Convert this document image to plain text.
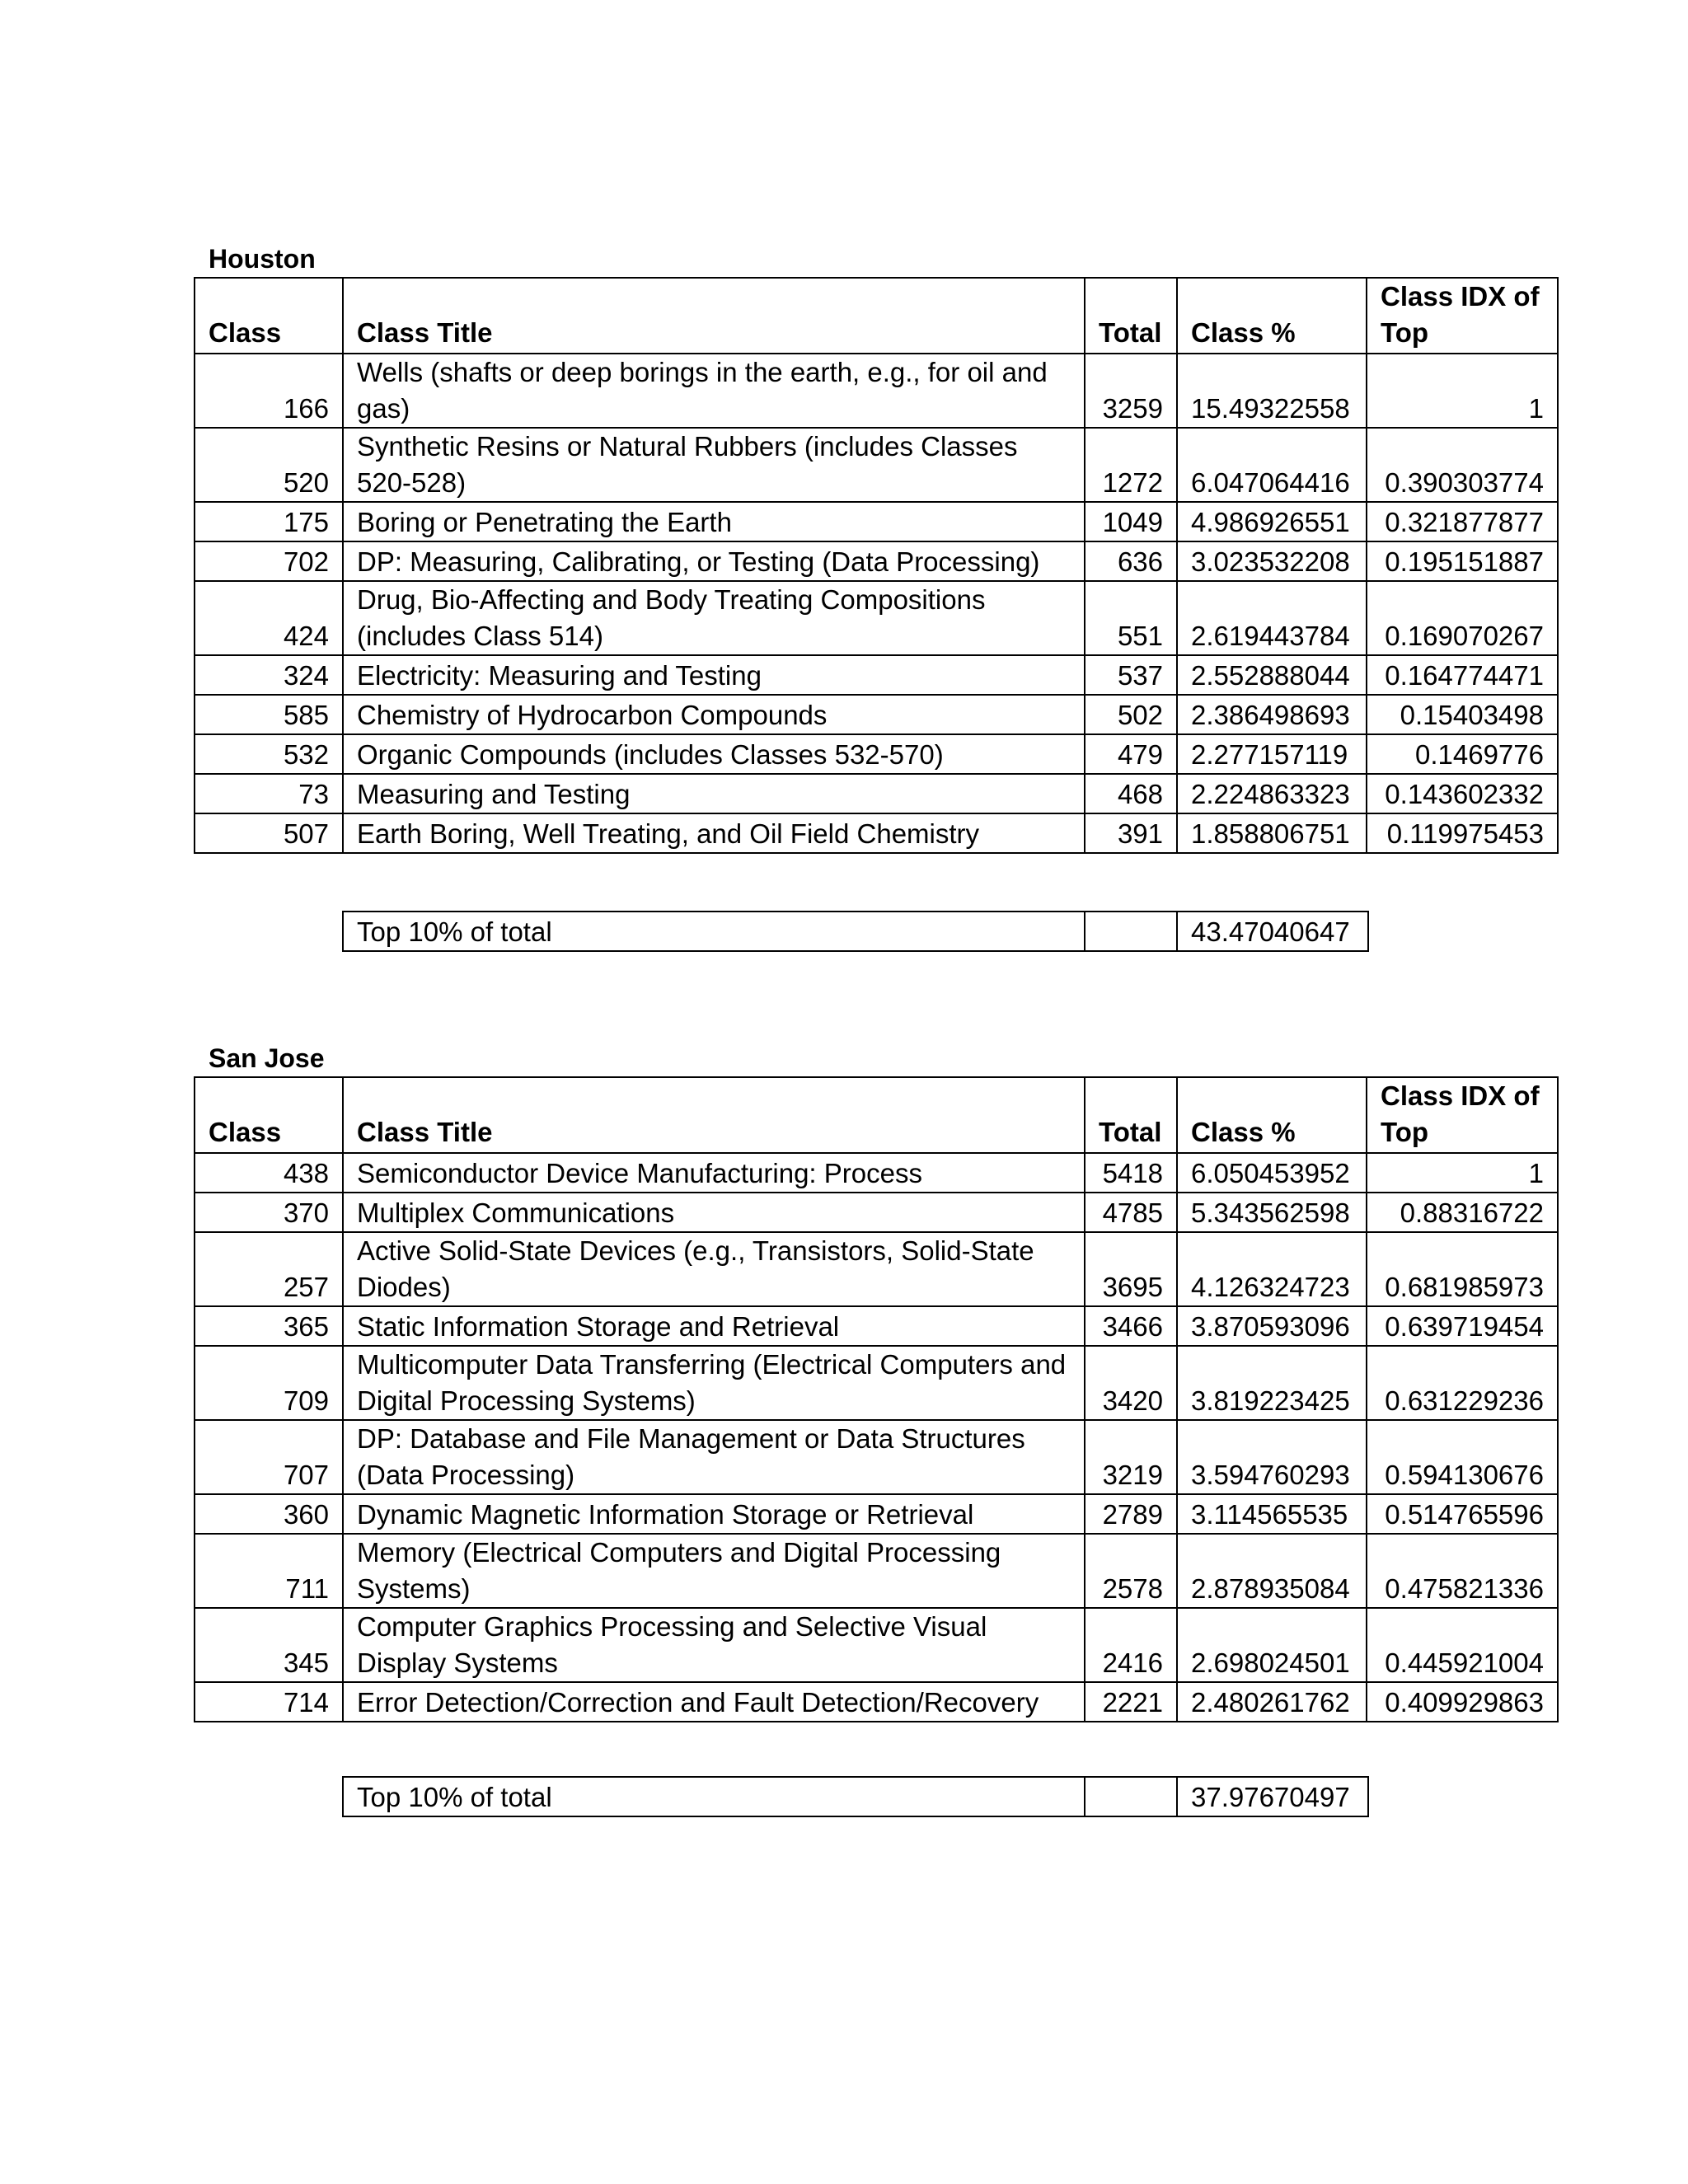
Houston
Class	Class Title	Total	Class %	Class IDX of Top
166	Wells (shafts or deep borings in the earth, e.g., for oil and gas)	3259	15.49322558	1
520	Synthetic Resins or Natural Rubbers (includes Classes 520-528)	1272	6.047064416	0.390303774
175	Boring or Penetrating the Earth	1049	4.986926551	0.321877877
702	DP: Measuring, Calibrating, or Testing (Data Processing)	636	3.023532208	0.195151887
424	Drug, Bio-Affecting and Body Treating Compositions (includes Class 514)	551	2.619443784	0.169070267
324	Electricity: Measuring and Testing	537	2.552888044	0.164774471
585	Chemistry of Hydrocarbon Compounds	502	2.386498693	0.15403498
532	Organic Compounds (includes Classes 532-570)	479	2.277157119	0.1469776
73	Measuring and Testing	468	2.224863323	0.143602332
507	Earth Boring, Well Treating, and Oil Field Chemistry	391	1.858806751	0.119975453
Top 10% of total		43.47040647
San Jose
Class	Class Title	Total	Class %	Class IDX of Top
438	Semiconductor Device Manufacturing: Process	5418	6.050453952	1
370	Multiplex Communications	4785	5.343562598	0.88316722
257	Active Solid-State Devices (e.g., Transistors, Solid-State Diodes)	3695	4.126324723	0.681985973
365	Static Information Storage and Retrieval	3466	3.870593096	0.639719454
709	Multicomputer Data Transferring (Electrical Computers and Digital Processing Systems)	3420	3.819223425	0.631229236
707	DP: Database and File Management or Data Structures (Data Processing)	3219	3.594760293	0.594130676
360	Dynamic Magnetic Information Storage or Retrieval	2789	3.114565535	0.514765596
711	Memory (Electrical Computers and Digital Processing Systems)	2578	2.878935084	0.475821336
345	Computer Graphics Processing and Selective Visual Display Systems	2416	2.698024501	0.445921004
714	Error Detection/Correction and Fault Detection/Recovery	2221	2.480261762	0.409929863
Top 10% of total		37.97670497
